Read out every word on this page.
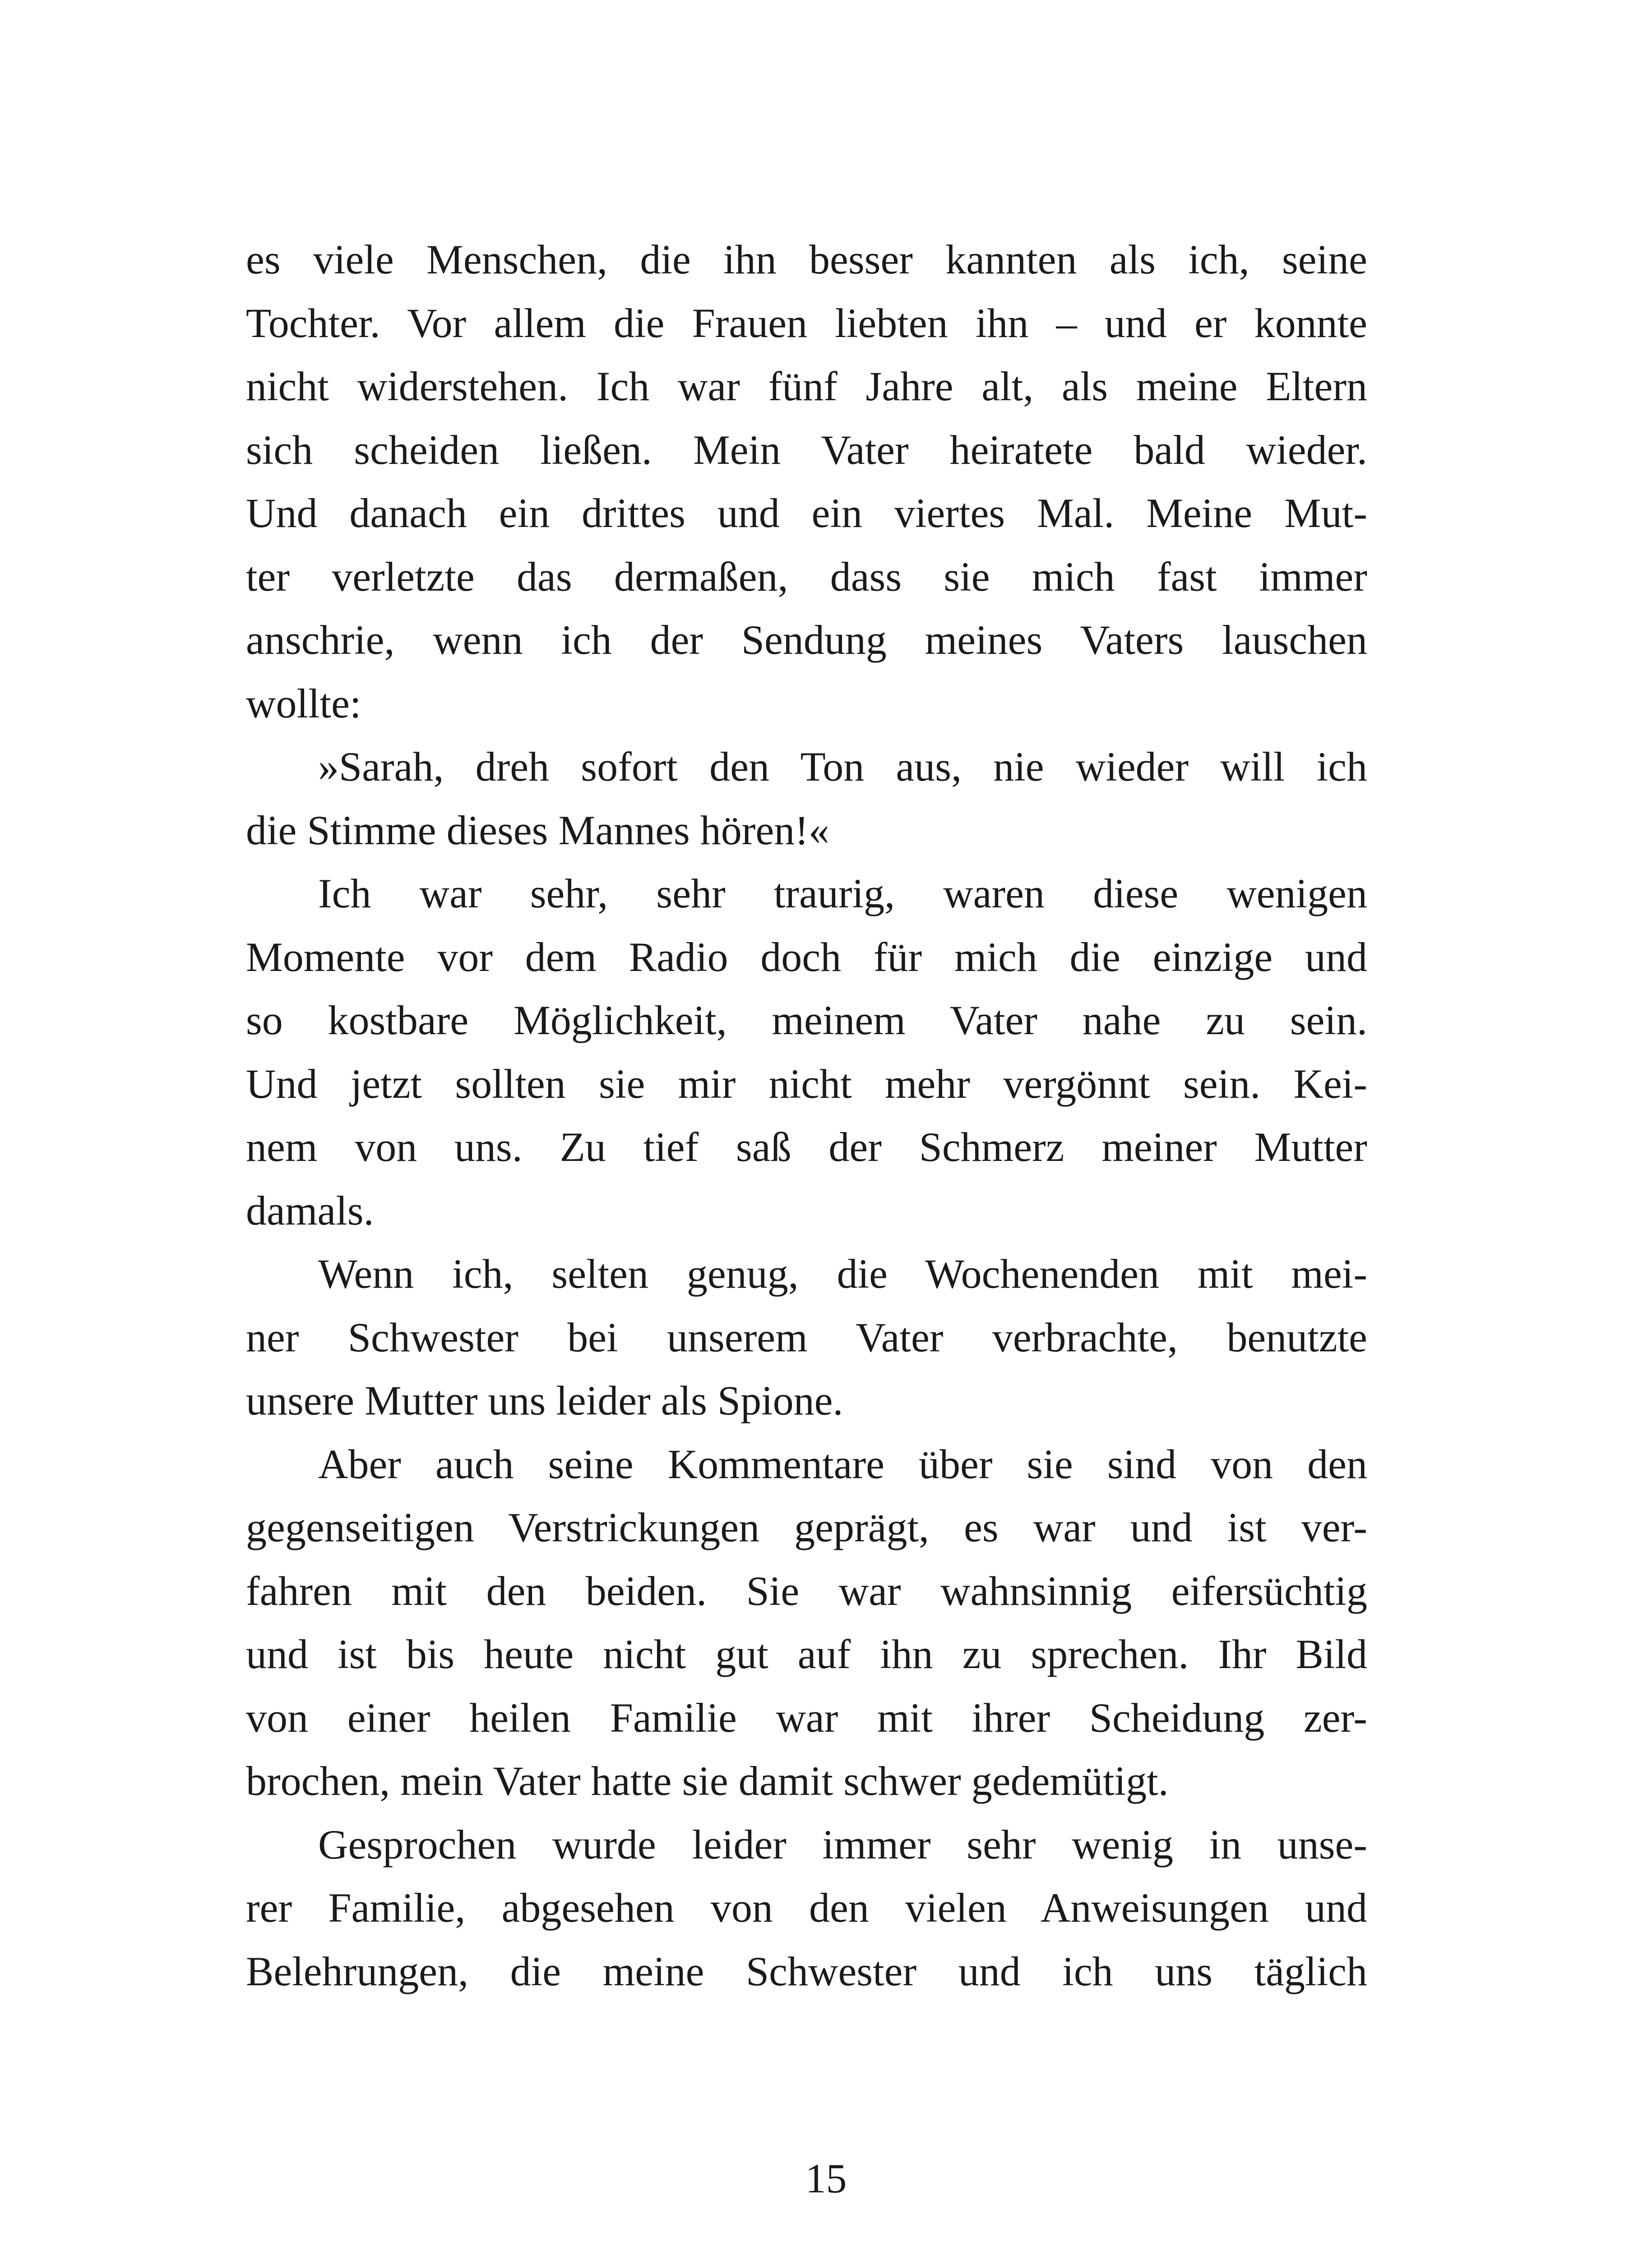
es viele Menschen, die ihn besser kannten als ich, seine
Tochter. Vor allem die Frauen liebten ihn – und er konnte
nicht widerstehen. Ich war fünf Jahre alt, als meine Eltern
sich scheiden ließen. Mein Vater heiratete bald wieder.
Und danach ein drittes und ein viertes Mal. Meine Mut-
ter verletzte das dermaßen, dass sie mich fast immer
anschrie, wenn ich der Sendung meines Vaters lauschen
wollte:
»Sarah, dreh sofort den Ton aus, nie wieder will ich
die Stimme dieses Mannes hören!«
Ich war sehr, sehr traurig, waren diese wenigen
Momente vor dem Radio doch für mich die einzige und
so kostbare Möglichkeit, meinem Vater nahe zu sein.
Und jetzt sollten sie mir nicht mehr vergönnt sein. Kei-
nem von uns. Zu tief saß der Schmerz meiner Mutter
damals.
Wenn ich, selten genug, die Wochenenden mit mei-
ner Schwester bei unserem Vater verbrachte, benutzte
unsere Mutter uns leider als Spione.
Aber auch seine Kommentare über sie sind von den
gegenseitigen Verstrickungen geprägt, es war und ist ver-
fahren mit den beiden. Sie war wahnsinnig eifersüchtig
und ist bis heute nicht gut auf ihn zu sprechen. Ihr Bild
von einer heilen Familie war mit ihrer Scheidung zer-
brochen, mein Vater hatte sie damit schwer gedemütigt.
Gesprochen wurde leider immer sehr wenig in unse-
rer Familie, abgesehen von den vielen Anweisungen und
Belehrungen, die meine Schwester und ich uns täglich
15
